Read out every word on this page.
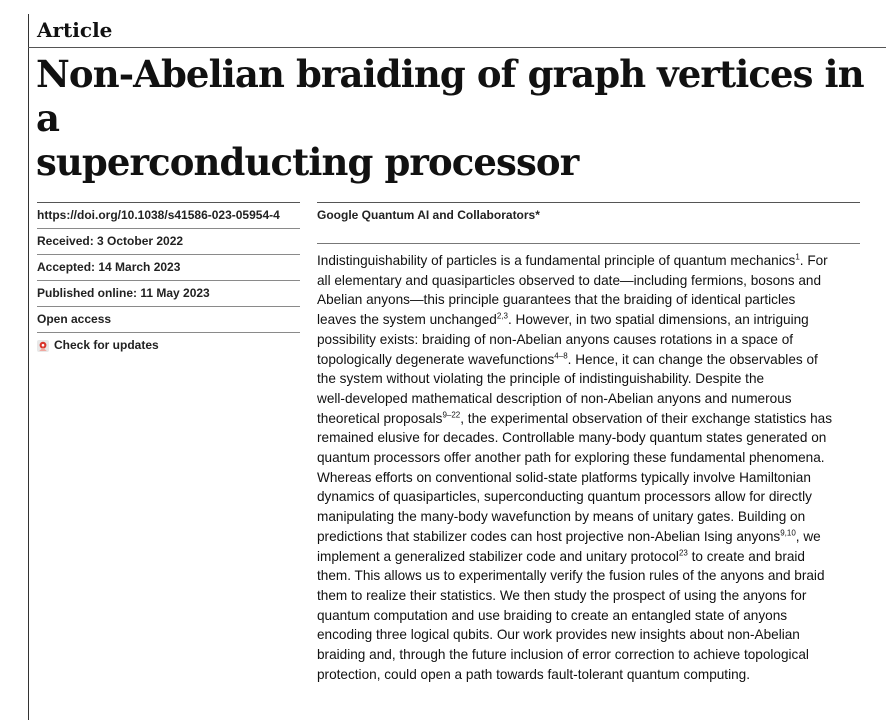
Article
Non-Abelian braiding of graph vertices in a
superconducting processor
https://doi.org/10.1038/s41586-023-05954-4
Received: 3 October 2022
Accepted: 14 March 2023
Published online: 11 May 2023
Open access
Check for updates
Google Quantum AI and Collaborators*
Indistinguishability of particles is a fundamental principle of quantum mechanics$^1$. For
all elementary and quasiparticles observed to date—including fermions, bosons and
Abelian anyons—this principle guarantees that the braiding of identical particles
leaves the system unchanged$^{2,3}$. However, in two spatial dimensions, an intriguing
possibility exists: braiding of non-Abelian anyons causes rotations in a space of
topologically degenerate wavefunctions$^{4-8}$. Hence, it can change the observables of
the system without violating the principle of indistinguishability. Despite the
well-developed mathematical description of non-Abelian anyons and numerous
theoretical proposals$^{9-22}$, the experimental observation of their exchange statistics has
remained elusive for decades. Controllable many-body quantum states generated on
quantum processors offer another path for exploring these fundamental phenomena.
Whereas efforts on conventional solid-state platforms typically involve Hamiltonian
dynamics of quasiparticles, superconducting quantum processors allow for directly
manipulating the many-body wavefunction by means of unitary gates. Building on
predictions that stabilizer codes can host projective non-Abelian Ising anyons$^{9,10}$, we
implement a generalized stabilizer code and unitary protocol$^{23}$ to create and braid
them. This allows us to experimentally verify the fusion rules of the anyons and braid
them to realize their statistics. We then study the prospect of using the anyons for
quantum computation and use braiding to create an entangled state of anyons
encoding three logical qubits. Our work provides new insights about non-Abelian
braiding and, through the future inclusion of error correction to achieve topological
protection, could open a path towards fault-tolerant quantum computing.
